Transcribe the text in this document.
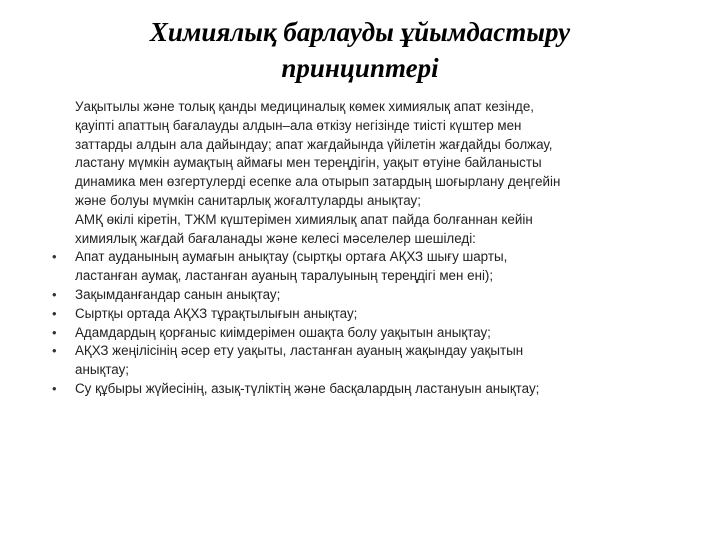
Химиялық барлауды ұйымдастыру
принциптері
Уақытылы және толық қанды медициналық көмек химиялық апат кезінде,
қауіпті апаттың бағалауды алдын–ала өткізу негізінде тиісті күштер мен
заттарды алдын ала дайындау; апат жағдайында үйілетін жағдайды болжау,
ластану мүмкін аумақтың аймағы мен тереңдігін, уақыт өтуіне байланысты
динамика мен өзгертулерді есепке ала отырып затардың шоғырлану деңгейін
және болуы мүмкін санитарлық жоғалтуларды анықтау;
АМҚ өкілі кіретін, ТЖМ күштерімен химиялық апат пайда болғаннан кейін
химиялық жағдай бағаланады және келесі мәселелер шешіледі:
• Апат ауданының аумағын анықтау (сыртқы ортаға АҚХЗ шығу шарты,
ластанған аумақ, ластанған ауаның таралуының тереңдігі мен ені);
• Зақымданғандар санын анықтау;
• Сыртқы ортада АҚХЗ тұрақтылығын анықтау;
• Адамдардың қорғаныс киімдерімен ошақта болу уақытын анықтау;
• АҚХЗ жеңілісінің әсер ету уақыты, ластанған ауаның жақындау уақытын
анықтау;
• Су құбыры жүйесінің, азық-түліктің және басқалардың ластануын анықтау;
